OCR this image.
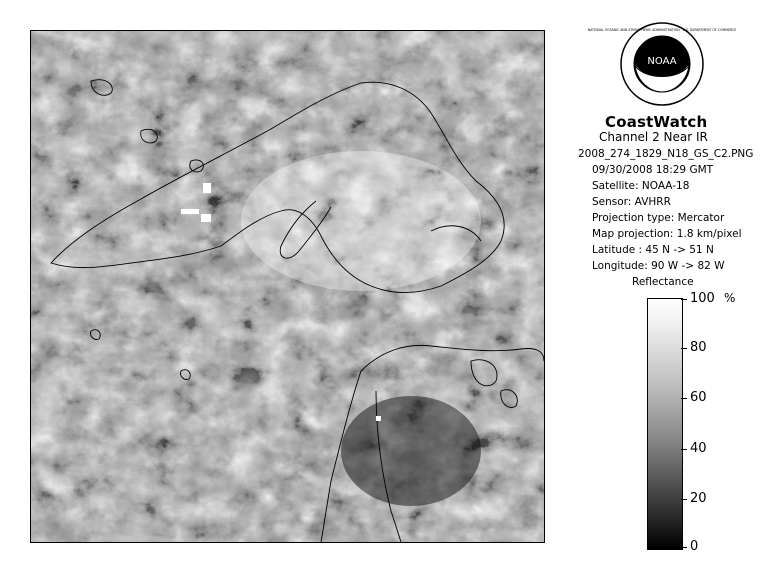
NOAA
NATIONAL OCEANIC AND ATMOSPHERIC ADMINISTRATION · U.S. DEPARTMENT OF COMMERCE
CoastWatch
Channel 2 Near IR
2008_274_1829_N18_GS_C2.PNG
09/30/2008 18:29 GMT
Satellite: NOAA-18
Sensor: AVHRR
Projection type: Mercator
Map projection: 1.8 km/pixel
Latitude : 45 N -> 51 N
Longitude: 90 W -> 82 W
Reflectance
%
100
80
60
40
20
0
